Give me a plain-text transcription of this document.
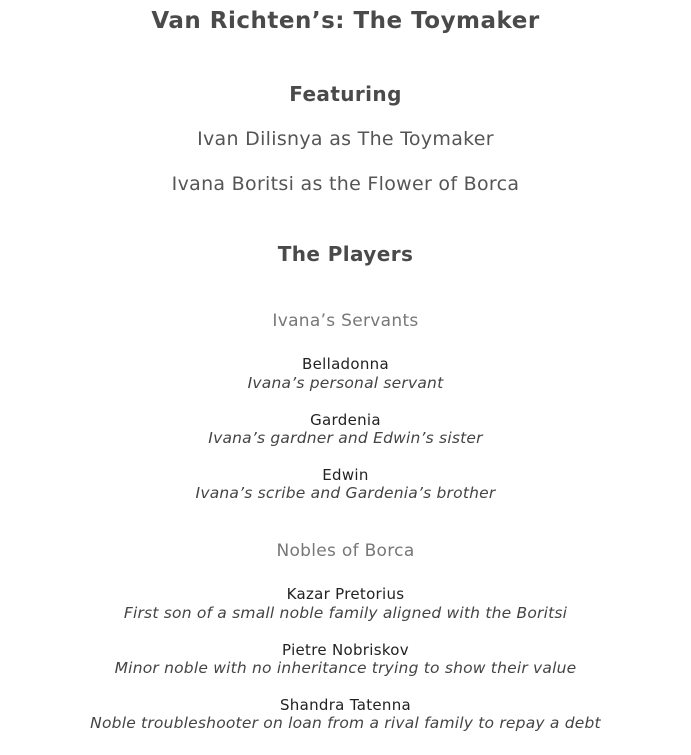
Van Richten’s: The Toymaker
Featuring
Ivan Dilisnya as The Toymaker
Ivana Boritsi as the Flower of Borca
The Players
Ivana’s Servants
Belladonna
Ivana’s personal servant
Gardenia
Ivana’s gardner and Edwin’s sister
Edwin
Ivana’s scribe and Gardenia’s brother
Nobles of Borca
Kazar Pretorius
First son of a small noble family aligned with the Boritsi
Pietre Nobriskov
Minor noble with no inheritance trying to show their value
Shandra Tatenna
Noble troubleshooter on loan from a rival family to repay a debt
